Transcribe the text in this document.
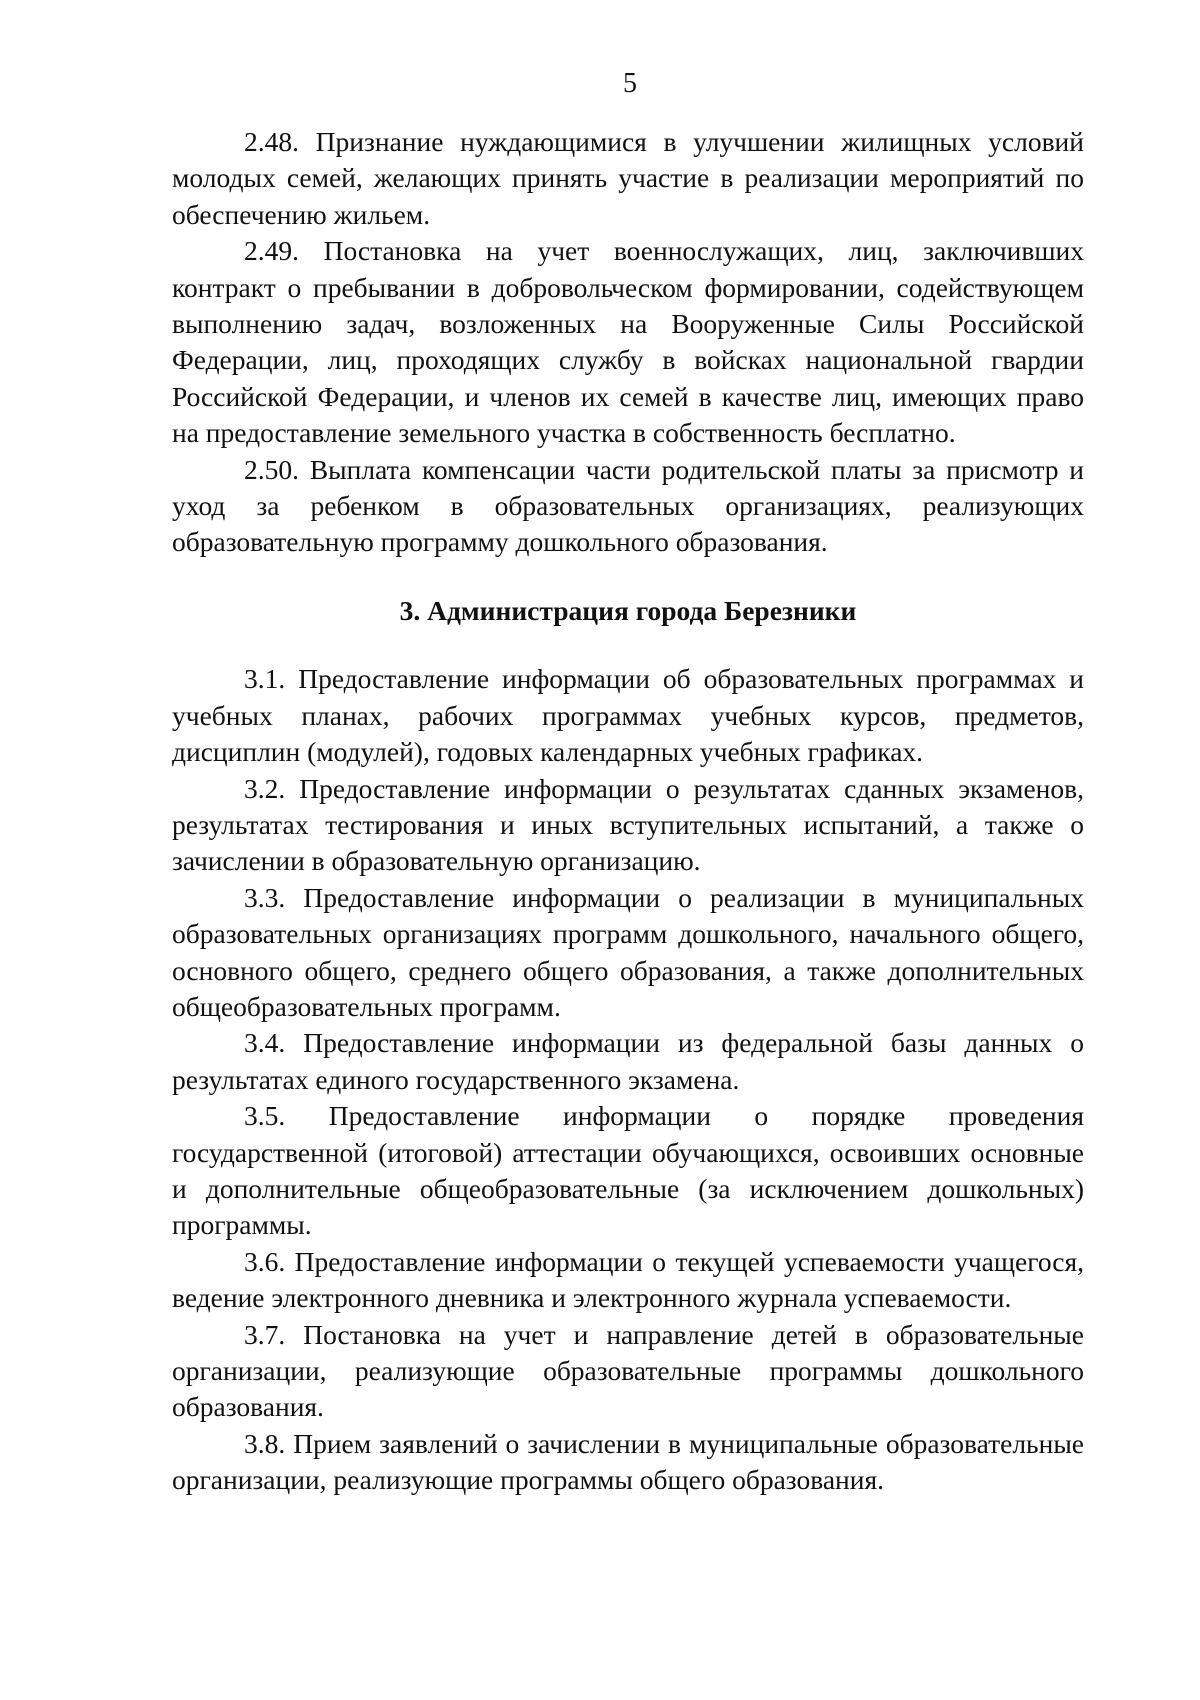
5

2.48. Признание нуждающимися в улучшении жилищных условий молодых семей, желающих принять участие в реализации мероприятий по обеспечению жильем.

2.49. Постановка на учет военнослужащих, лиц, заключивших контракт о пребывании в добровольческом формировании, содействующем выполнению задач, возложенных на Вооруженные Силы Российской Федерации, лиц, проходящих службу в войсках национальной гвардии Российской Федерации, и членов их семей в качестве лиц, имеющих право на предоставление земельного участка в собственность бесплатно.

2.50. Выплата компенсации части родительской платы за присмотр и уход за ребенком в образовательных организациях, реализующих образовательную программу дошкольного образования.

3. Администрация города Березники

3.1. Предоставление информации об образовательных программах и учебных планах, рабочих программах учебных курсов, предметов, дисциплин (модулей), годовых календарных учебных графиках.

3.2. Предоставление информации о результатах сданных экзаменов, результатах тестирования и иных вступительных испытаний, а также о зачислении в образовательную организацию.

3.3. Предоставление информации о реализации в муниципальных образовательных организациях программ дошкольного, начального общего, основного общего, среднего общего образования, а также дополнительных общеобразовательных программ.

3.4. Предоставление информации из федеральной базы данных о результатах единого государственного экзамена.

3.5. Предоставление информации о порядке проведения государственной (итоговой) аттестации обучающихся, освоивших основные и дополнительные общеобразовательные (за исключением дошкольных) программы.

3.6. Предоставление информации о текущей успеваемости учащегося, ведение электронного дневника и электронного журнала успеваемости.

3.7. Постановка на учет и направление детей в образовательные организации, реализующие образовательные программы дошкольного образования.

3.8. Прием заявлений о зачислении в муниципальные образовательные организации, реализующие программы общего образования.
